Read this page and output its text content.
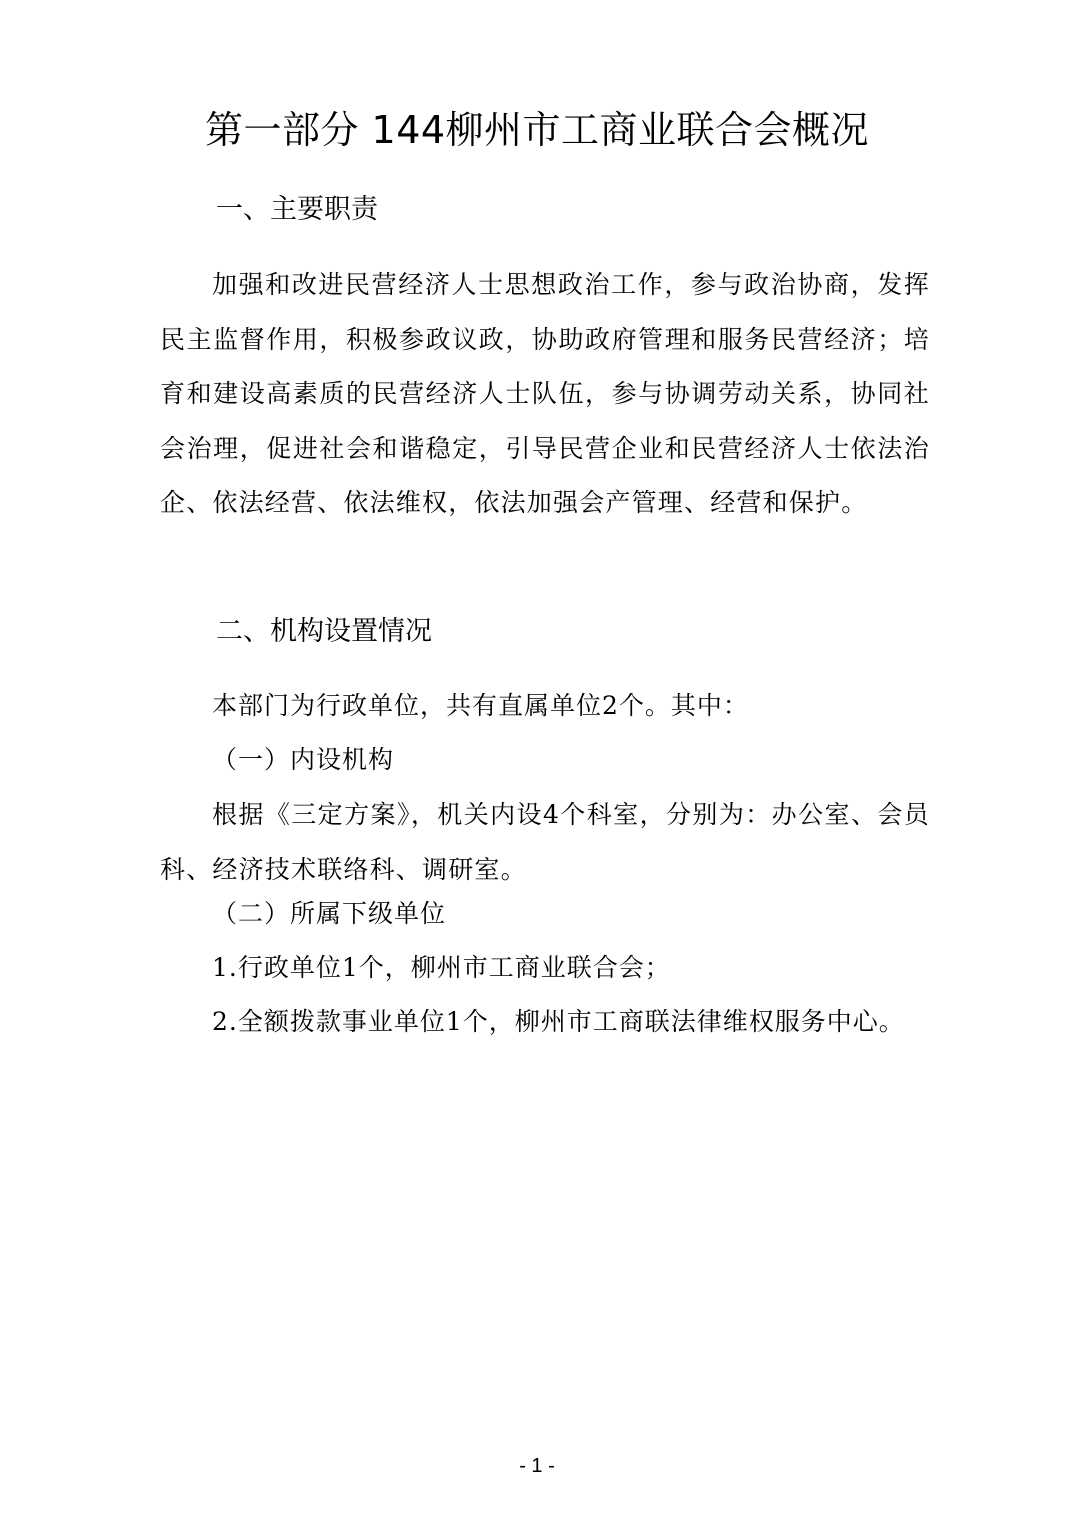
第一部分 144柳州市工商业联合会概况
一、主要职责

加强和改进民营经济人士思想政治工作，参与政治协商，发挥民主监督作用，积极参政议政，协助政府管理和服务民营经济；培育和建设高素质的民营经济人士队伍，参与协调劳动关系，协同社会治理，促进社会和谐稳定，引导民营企业和民营经济人士依法治企、依法经营、依法维权，依法加强会产管理、经营和保护。

二、机构设置情况

本部门为行政单位，共有直属单位2个。其中：

（一）内设机构

根据《三定方案》，机关内设4个科室，分别为：办公室、会员科、经济技术联络科、调研室。

（二）所属下级单位

1.行政单位1个，柳州市工商业联合会；

2.全额拨款事业单位1个，柳州市工商联法律维权服务中心。

- 1 -
